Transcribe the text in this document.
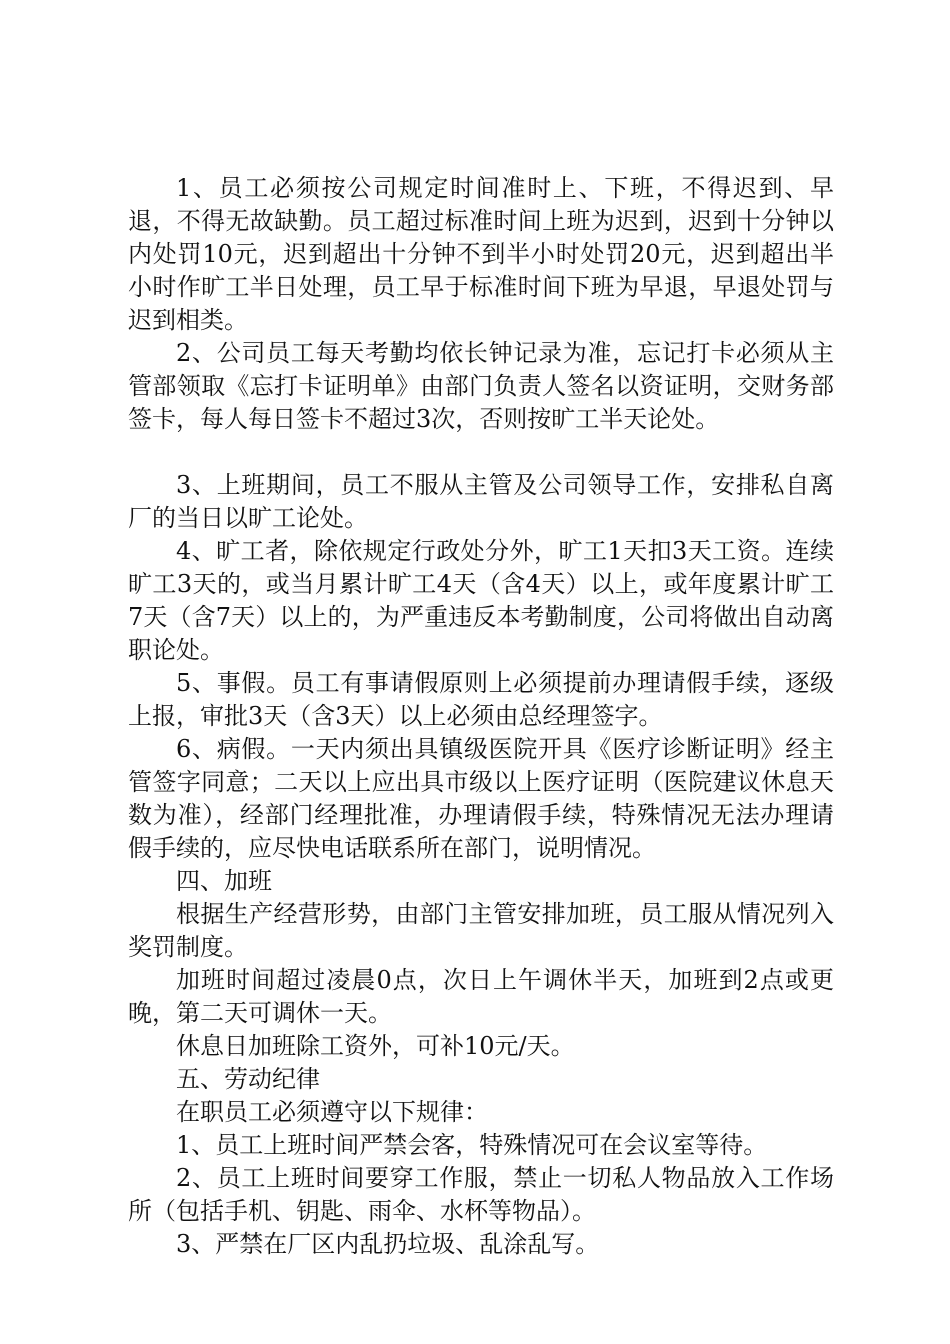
1、员工必须按公司规定时间准时上、下班，不得迟到、早退，不得无故缺勤。员工超过标准时间上班为迟到，迟到十分钟以内处罚10元，迟到超出十分钟不到半小时处罚20元，迟到超出半小时作旷工半日处理，员工早于标准时间下班为早退，早退处罚与迟到相类。

2、公司员工每天考勤均依长钟记录为准，忘记打卡必须从主管部领取《忘打卡证明单》由部门负责人签名以资证明，交财务部签卡，每人每日签卡不超过3次，否则按旷工半天论处。

3、上班期间，员工不服从主管及公司领导工作，安排私自离厂的当日以旷工论处。

4、旷工者，除依规定行政处分外，旷工1天扣3天工资。连续旷工3天的，或当月累计旷工4天（含4天）以上，或年度累计旷工7天（含7天）以上的，为严重违反本考勤制度，公司将做出自动离职论处。

5、事假。员工有事请假原则上必须提前办理请假手续，逐级上报，审批3天（含3天）以上必须由总经理签字。

6、病假。一天内须出具镇级医院开具《医疗诊断证明》经主管签字同意；二天以上应出具市级以上医疗证明（医院建议休息天数为准），经部门经理批准，办理请假手续，特殊情况无法办理请假手续的，应尽快电话联系所在部门，说明情况。

四、加班

根据生产经营形势，由部门主管安排加班，员工服从情况列入奖罚制度。

加班时间超过凌晨0点，次日上午调休半天，加班到2点或更晚，第二天可调休一天。

休息日加班除工资外，可补10元/天。

五、劳动纪律

在职员工必须遵守以下规律：

1、员工上班时间严禁会客，特殊情况可在会议室等待。

2、员工上班时间要穿工作服，禁止一切私人物品放入工作场所（包括手机、钥匙、雨伞、水杯等物品）。

3、严禁在厂区内乱扔垃圾、乱涂乱写。
